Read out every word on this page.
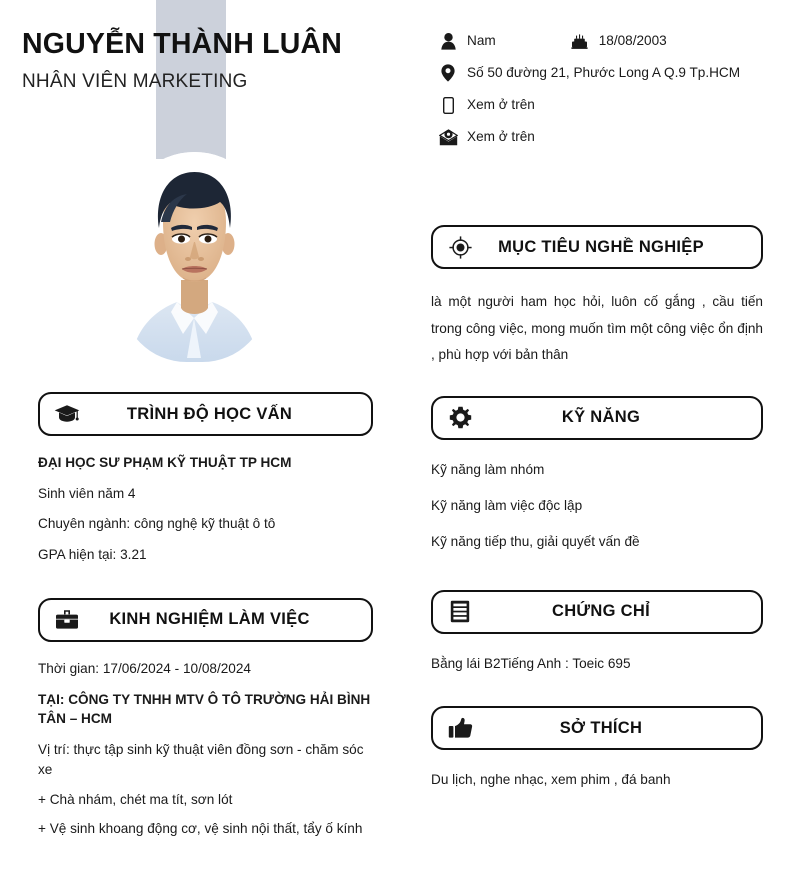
NGUYỄN THÀNH LUÂN
NHÂN VIÊN MARKETING
Nam	18/08/2003
Số 50 đường 21, Phước Long A Q.9 Tp.HCM
Xem ở trên
Xem ở trên
TRÌNH ĐỘ HỌC VẤN

ĐẠI HỌC SƯ PHẠM KỸ THUẬT TP HCM

Sinh viên năm 4

Chuyên ngành: công nghệ kỹ thuật ô tô

GPA hiện tại: 3.21

KINH NGHIỆM LÀM VIỆC

Thời gian: 17/06/2024 - 10/08/2024

TẠI: CÔNG TY TNHH MTV Ô TÔ TRƯỜNG HẢI BÌNH TÂN – HCM

Vị trí: thực tập sinh kỹ thuật viên đồng sơn - chăm sóc xe

+ Chà nhám, chét ma tít, sơn lót

+ Vệ sinh khoang động cơ, vệ sinh nội thất, tẩy ố kính

MỤC TIÊU NGHỀ NGHIỆP

là một người ham học hỏi, luôn cố gắng , cầu tiến trong công việc, mong muốn tìm một công việc ổn định , phù hợp với bản thân

KỸ NĂNG

Kỹ năng làm nhóm

Kỹ năng làm việc độc lập

Kỹ năng tiếp thu, giải quyết vấn đề

CHỨNG CHỈ

Bằng lái B2Tiếng Anh : Toeic 695

SỞ THÍCH

Du lịch, nghe nhạc, xem phim , đá banh
